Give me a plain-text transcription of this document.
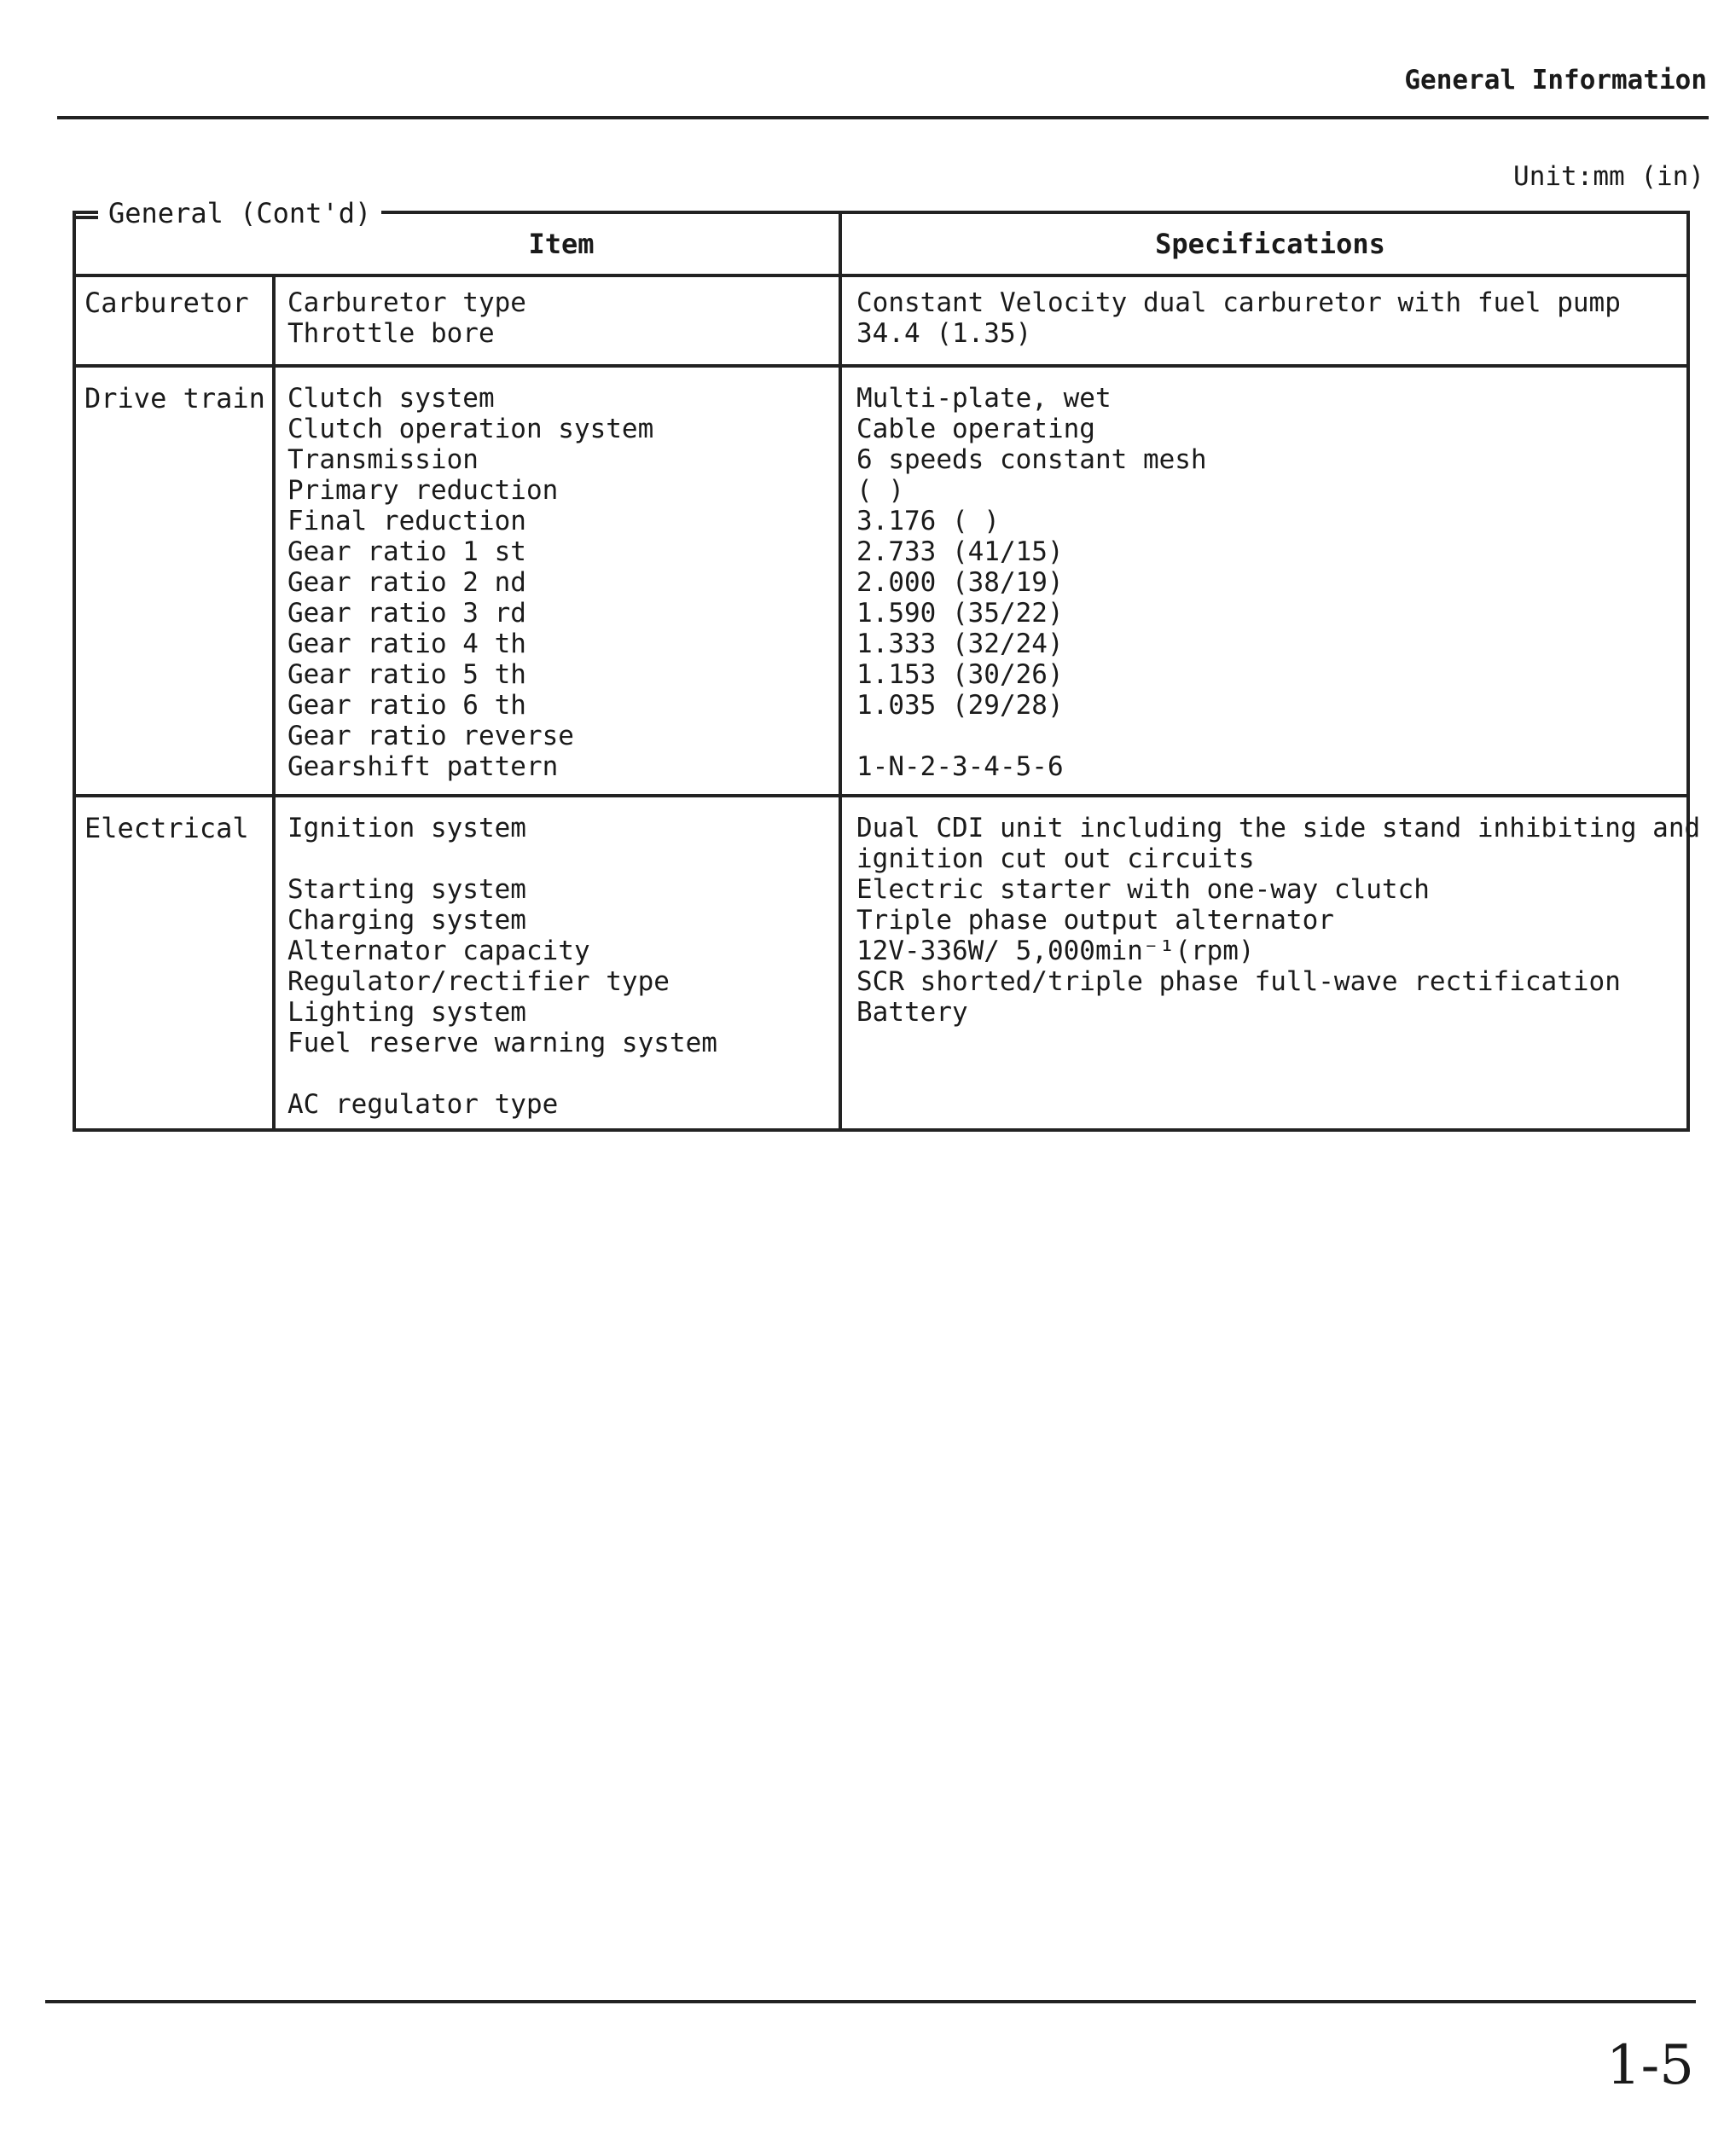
General Information
Unit:mm (in)
General (Cont'd)
Item	Specifications
Carburetor Carburetor type
Throttle bore
Constant Velocity dual carburetor with fuel pump
34.4 (1.35)
Drive train Clutch system
Clutch operation system
Transmission
Primary reduction
Final reduction
Gear ratio 1 st
Gear ratio 2 nd
Gear ratio 3 rd
Gear ratio 4 th
Gear ratio 5 th
Gear ratio 6 th
Gear ratio reverse
Gearshift pattern
Multi-plate, wet
Cable operating
6 speeds constant mesh
( )
3.176 ( )
2.733 (41/15)
2.000 (38/19)
1.590 (35/22)
1.333 (32/24)
1.153 (30/26)
1.035 (29/28)
1-N-2-3-4-5-6
Electrical Ignition system
Starting system
Charging system
Alternator capacity
Regulator/rectifier type
Lighting system
Fuel reserve warning system
AC regulator type
Dual CDI unit including the side stand inhibiting and
ignition cut out circuits
Electric starter with one-way clutch
Triple phase output alternator
12V-336W/ 5,000min⁻¹(rpm)
SCR shorted/triple phase full-wave rectification
Battery
1-5
